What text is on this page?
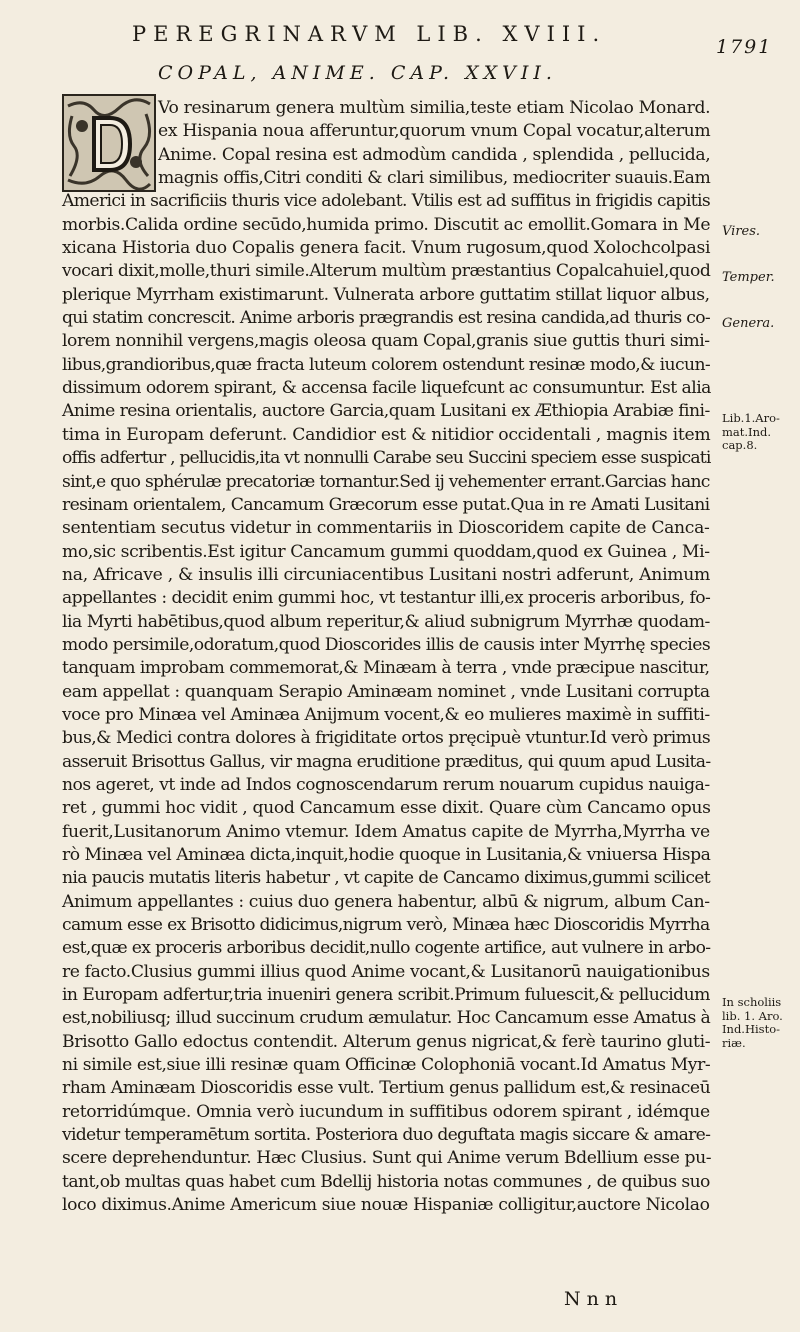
PEREGRINARVM LIB. XVIII.
1791
COPAL, ANIME. CAP. XXVII.
Vo resinarum genera multùm similia,teste etiam Nicolao Monard.
ex Hispania noua afferuntur,quorum vnum Copal vocatur,alterum
Anime. Copal resina est admodùm candida , splendida , pellucida,
magnis offis,Citri conditi & clari similibus, mediocriter suauis.Eam
Americi in sacrificiis thuris vice adolebant. Vtilis est ad suffitus in frigidis capitis
morbis.Calida ordine secūdo,humida primo. Discutit ac emollit.Gomara in Me
xicana Historia duo Copalis genera facit. Vnum rugosum,quod Xolochcolpasi
vocari dixit,molle,thuri simile.Alterum multùm præstantius Copalcahuiel,quod
plerique Myrrham existimarunt. Vulnerata arbore guttatim stillat liquor albus,
qui statim concrescit. Anime arboris prægrandis est resina candida,ad thuris co-
lorem nonnihil vergens,magis oleosa quam Copal,granis siue guttis thuri simi-
libus,grandioribus,quæ fracta luteum colorem ostendunt resinæ modo,& iucun-
dissimum odorem spirant, & accensa facile liquefcunt ac consumuntur. Est alia
Anime resina orientalis, auctore Garcia,quam Lusitani ex Æthiopia Arabiæ fini-
tima in Europam deferunt. Candidior est & nitidior occidentali , magnis item
offis adfertur , pellucidis,ita vt nonnulli Carabe seu Succini speciem esse suspicati
sint,e quo sphérulæ precatoriæ tornantur.Sed ij vehementer errant.Garcias hanc
resinam orientalem, Cancamum Græcorum esse putat.Qua in re Amati Lusitani
sententiam secutus videtur in commentariis in Dioscoridem capite de Canca-
mo,sic scribentis.Est igitur Cancamum gummi quoddam,quod ex Guinea , Mi-
na, Africave , & insulis illi circuniacentibus Lusitani nostri adferunt, Animum
appellantes : decidit enim gummi hoc, vt testantur illi,ex proceris arboribus, fo-
lia Myrti habētibus,quod album reperitur,& aliud subnigrum Myrrhæ quodam-
modo persimile,odoratum,quod Dioscorides illis de causis inter Myrrhę species
tanquam improbam commemorat,& Minæam à terra , vnde præcipue nascitur,
eam appellat : quanquam Serapio Aminæam nominet , vnde Lusitani corrupta
voce pro Minæa vel Aminæa Anijmum vocent,& eo mulieres maximè in suffiti-
bus,& Medici contra dolores à frigiditate ortos pręcipuè vtuntur.Id verò primus
asseruit Brisottus Gallus, vir magna eruditione præditus, qui quum apud Lusita-
nos ageret, vt inde ad Indos cognoscendarum rerum nouarum cupidus nauiga-
ret , gummi hoc vidit , quod Cancamum esse dixit. Quare cùm Cancamo opus
fuerit,Lusitanorum Animo vtemur. Idem Amatus capite de Myrrha,Myrrha ve
rò Minæa vel Aminæa dicta,inquit,hodie quoque in Lusitania,& vniuersa Hispa
nia paucis mutatis literis habetur , vt capite de Cancamo diximus,gummi scilicet
Animum appellantes : cuius duo genera habentur, albū & nigrum, album Can-
camum esse ex Brisotto didicimus,nigrum verò, Minæa hæc Dioscoridis Myrrha
est,quæ ex proceris arboribus decidit,nullo cogente artifice, aut vulnere in arbo-
re facto.Clusius gummi illius quod Anime vocant,& Lusitanorū nauigationibus
in Europam adfertur,tria inueniri genera scribit.Primum fuluescit,& pellucidum
est,nobiliusq; illud succinum crudum æmulatur. Hoc Cancamum esse Amatus à
Brisotto Gallo edoctus contendit. Alterum genus nigricat,& ferè taurino gluti-
ni simile est,siue illi resinæ quam Officinæ Colophoniā vocant.Id Amatus Myr-
rham Aminæam Dioscoridis esse vult. Tertium genus pallidum est,& resinaceū
retorridúmque. Omnia verò iucundum in suffitibus odorem spirant , idémque
videtur temperamētum sortita. Posteriora duo deguftata magis siccare & amare-
scere deprehenduntur. Hæc Clusius. Sunt qui Anime verum Bdellium esse pu-
tant,ob multas quas habet cum Bdellij historia notas communes , de quibus suo
loco diximus.Anime Americum siue nouæ Hispaniæ colligitur,auctore Nicolao
Vires.
Temper.
Genera.
Lib.1.Aro-
mat.Ind.
cap.8.
In scholiis
lib. 1. Aro.
Ind.Histo-
riæ.
Nnn
